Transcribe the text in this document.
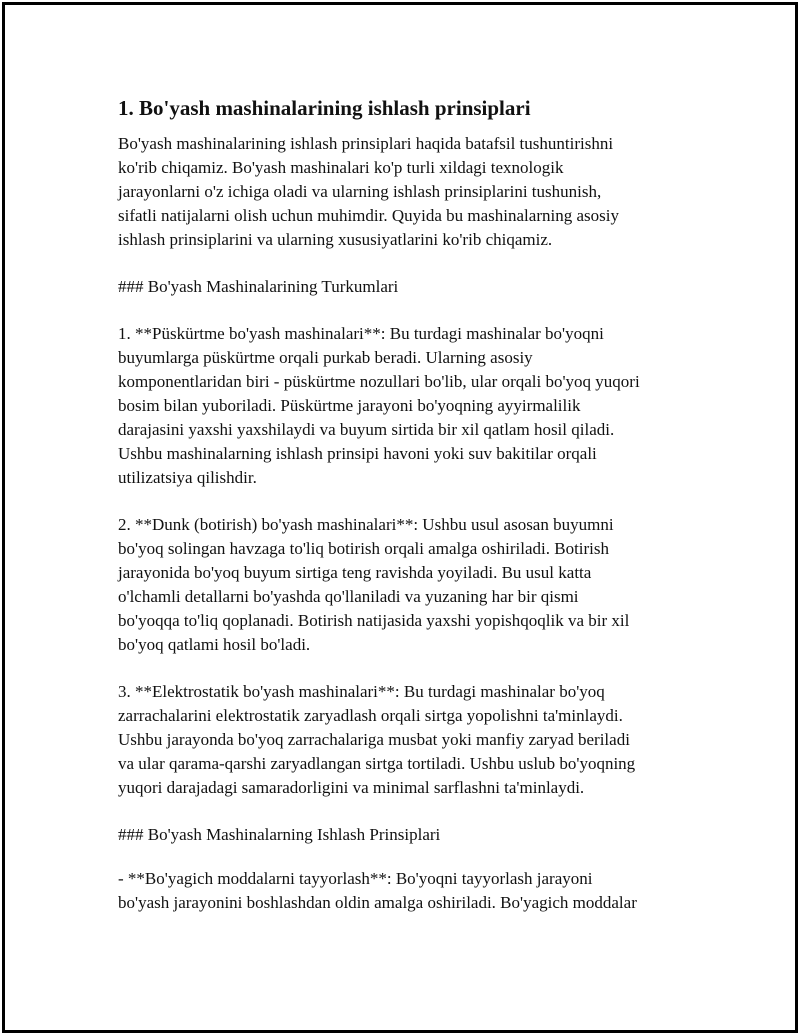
1. Bo'yash mashinalarining ishlash prinsiplari

Bo'yash mashinalarining ishlash prinsiplari haqida batafsil tushuntirishni
ko'rib chiqamiz. Bo'yash mashinalari ko'p turli xildagi texnologik
jarayonlarni o'z ichiga oladi va ularning ishlash prinsiplarini tushunish,
sifatli natijalarni olish uchun muhimdir. Quyida bu mashinalarning asosiy
ishlash prinsiplarini va ularning xususiyatlarini ko'rib chiqamiz.

### Bo'yash Mashinalarining Turkumlari

1. **Püskürtme bo'yash mashinalari**: Bu turdagi mashinalar bo'yoqni
buyumlarga püskürtme orqali purkab beradi. Ularning asosiy
komponentlaridan biri - püskürtme nozullari bo'lib, ular orqali bo'yoq yuqori
bosim bilan yuboriladi. Püskürtme jarayoni bo'yoqning ayyirmalilik
darajasini yaxshi yaxshilaydi va buyum sirtida bir xil qatlam hosil qiladi.
Ushbu mashinalarning ishlash prinsipi havoni yoki suv bakitilar orqali
utilizatsiya qilishdir.

2. **Dunk (botirish) bo'yash mashinalari**: Ushbu usul asosan buyumni
bo'yoq solingan havzaga to'liq botirish orqali amalga oshiriladi. Botirish
jarayonida bo'yoq buyum sirtiga teng ravishda yoyiladi. Bu usul katta
o'lchamli detallarni bo'yashda qo'llaniladi va yuzaning har bir qismi
bo'yoqqa to'liq qoplanadi. Botirish natijasida yaxshi yopishqoqlik va bir xil
bo'yoq qatlami hosil bo'ladi.

3. **Elektrostatik bo'yash mashinalari**: Bu turdagi mashinalar bo'yoq
zarrachalarini elektrostatik zaryadlash orqali sirtga yopolishni ta'minlaydi.
Ushbu jarayonda bo'yoq zarrachalariga musbat yoki manfiy zaryad beriladi
va ular qarama-qarshi zaryadlangan sirtga tortiladi. Ushbu uslub bo'yoqning
yuqori darajadagi samaradorligini va minimal sarflashni ta'minlaydi.

### Bo'yash Mashinalarning Ishlash Prinsiplari

- **Bo'yagich moddalarni tayyorlash**: Bo'yoqni tayyorlash jarayoni
bo'yash jarayonini boshlashdan oldin amalga oshiriladi. Bo'yagich moddalar
